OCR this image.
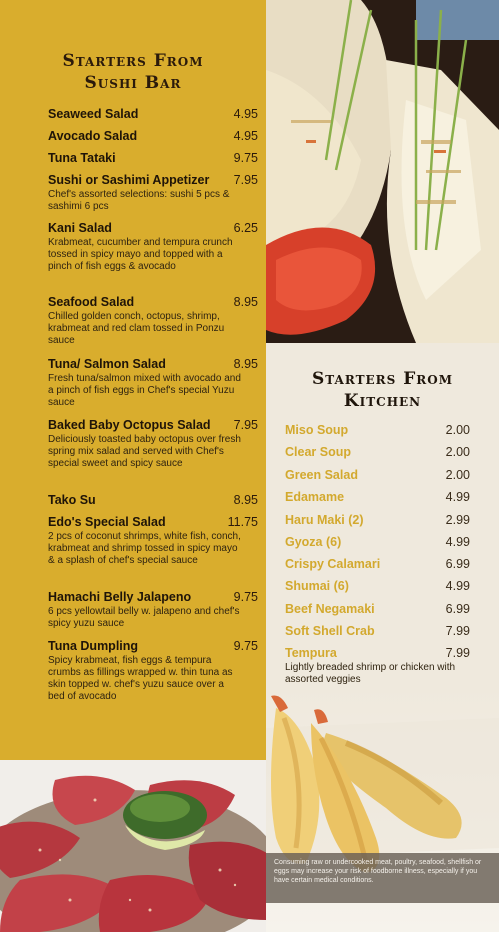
Starters From
Sushi Bar
Seaweed Salad	4.95
Avocado Salad	4.95
Tuna Tataki	9.75
Sushi or Sashimi Appetizer	7.95
Chef's assorted selections: sushi 5 pcs & sashimi 6 pcs
Kani Salad	6.25
Krabmeat, cucumber and tempura crunch tossed in spicy mayo and topped with a pinch of fish eggs & avocado
Seafood Salad	8.95
Chilled golden conch, octopus, shrimp, krabmeat and red clam tossed in Ponzu sauce
Tuna/ Salmon Salad	8.95
Fresh tuna/salmon mixed with avocado and a pinch of fish eggs in Chef's special Yuzu sauce
Baked Baby Octopus Salad	7.95
Deliciously toasted baby octopus over fresh spring mix salad and served with Chef's special sweet and spicy sauce
Tako Su	8.95
Edo's Special Salad	11.75
2 pcs of coconut shrimps, white fish, conch, krabmeat and shrimp tossed in spicy mayo & a splash of chef's special sauce
Hamachi Belly Jalapeno	9.75
6 pcs yellowtail belly w. jalapeno and chef's spicy yuzu sauce
Tuna Dumpling	9.75
Spicy krabmeat, fish eggs & tempura crumbs as fillings wrapped w. thin tuna as skin topped w. chef's yuzu sauce over a bed of avocado
Starters From
Kitchen
Miso Soup	2.00
Clear Soup	2.00
Green Salad	2.00
Edamame	4.99
Haru Maki (2)	2.99
Gyoza (6)	4.99
Crispy Calamari	6.99
Shumai (6)	4.99
Beef Negamaki	6.99
Soft Shell Crab	7.99
Tempura	7.99
Lightly breaded shrimp or chicken with assorted veggies
Consuming raw or undercooked meat, poultry, seafood, shellfish or eggs may increase your risk of foodborne illness, especially if you have certain medical conditions.
